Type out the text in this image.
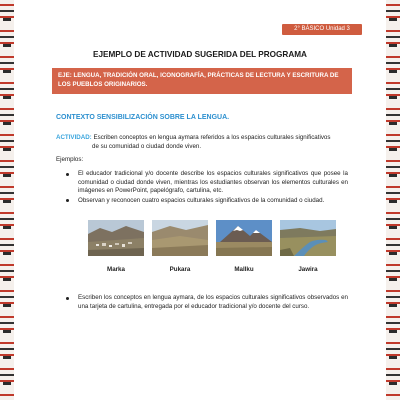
2° BÁSICO Unidad 3
EJEMPLO DE ACTIVIDAD SUGERIDA DEL PROGRAMA
EJE: LENGUA, TRADICIÓN ORAL, ICONOGRAFÍA, PRÁCTICAS DE LECTURA Y ESCRITURA DE LOS PUEBLOS ORIGINARIOS.
CONTEXTO SENSIBILIZACIÓN SOBRE LA LENGUA.
ACTIVIDAD: Escriben conceptos en lengua aymara referidos a los espacios culturales significativos
de su comunidad o ciudad donde viven.
Ejemplos:
El educador tradicional y/o docente describe los espacios culturales significativos que posee la comunidad o ciudad donde viven, mientras los estudiantes observan los elementos culturales en imágenes en PowerPoint, papelógrafo, cartulina, etc.
Observan y reconocen cuatro espacios culturales significativos de la comunidad o ciudad.
Marka	Pukara	Mallku	Jawira
Escriben los conceptos en lengua aymara, de los espacios culturales significativos observados en una tarjeta de cartulina, entregada por el educador tradicional y/o docente del curso.
